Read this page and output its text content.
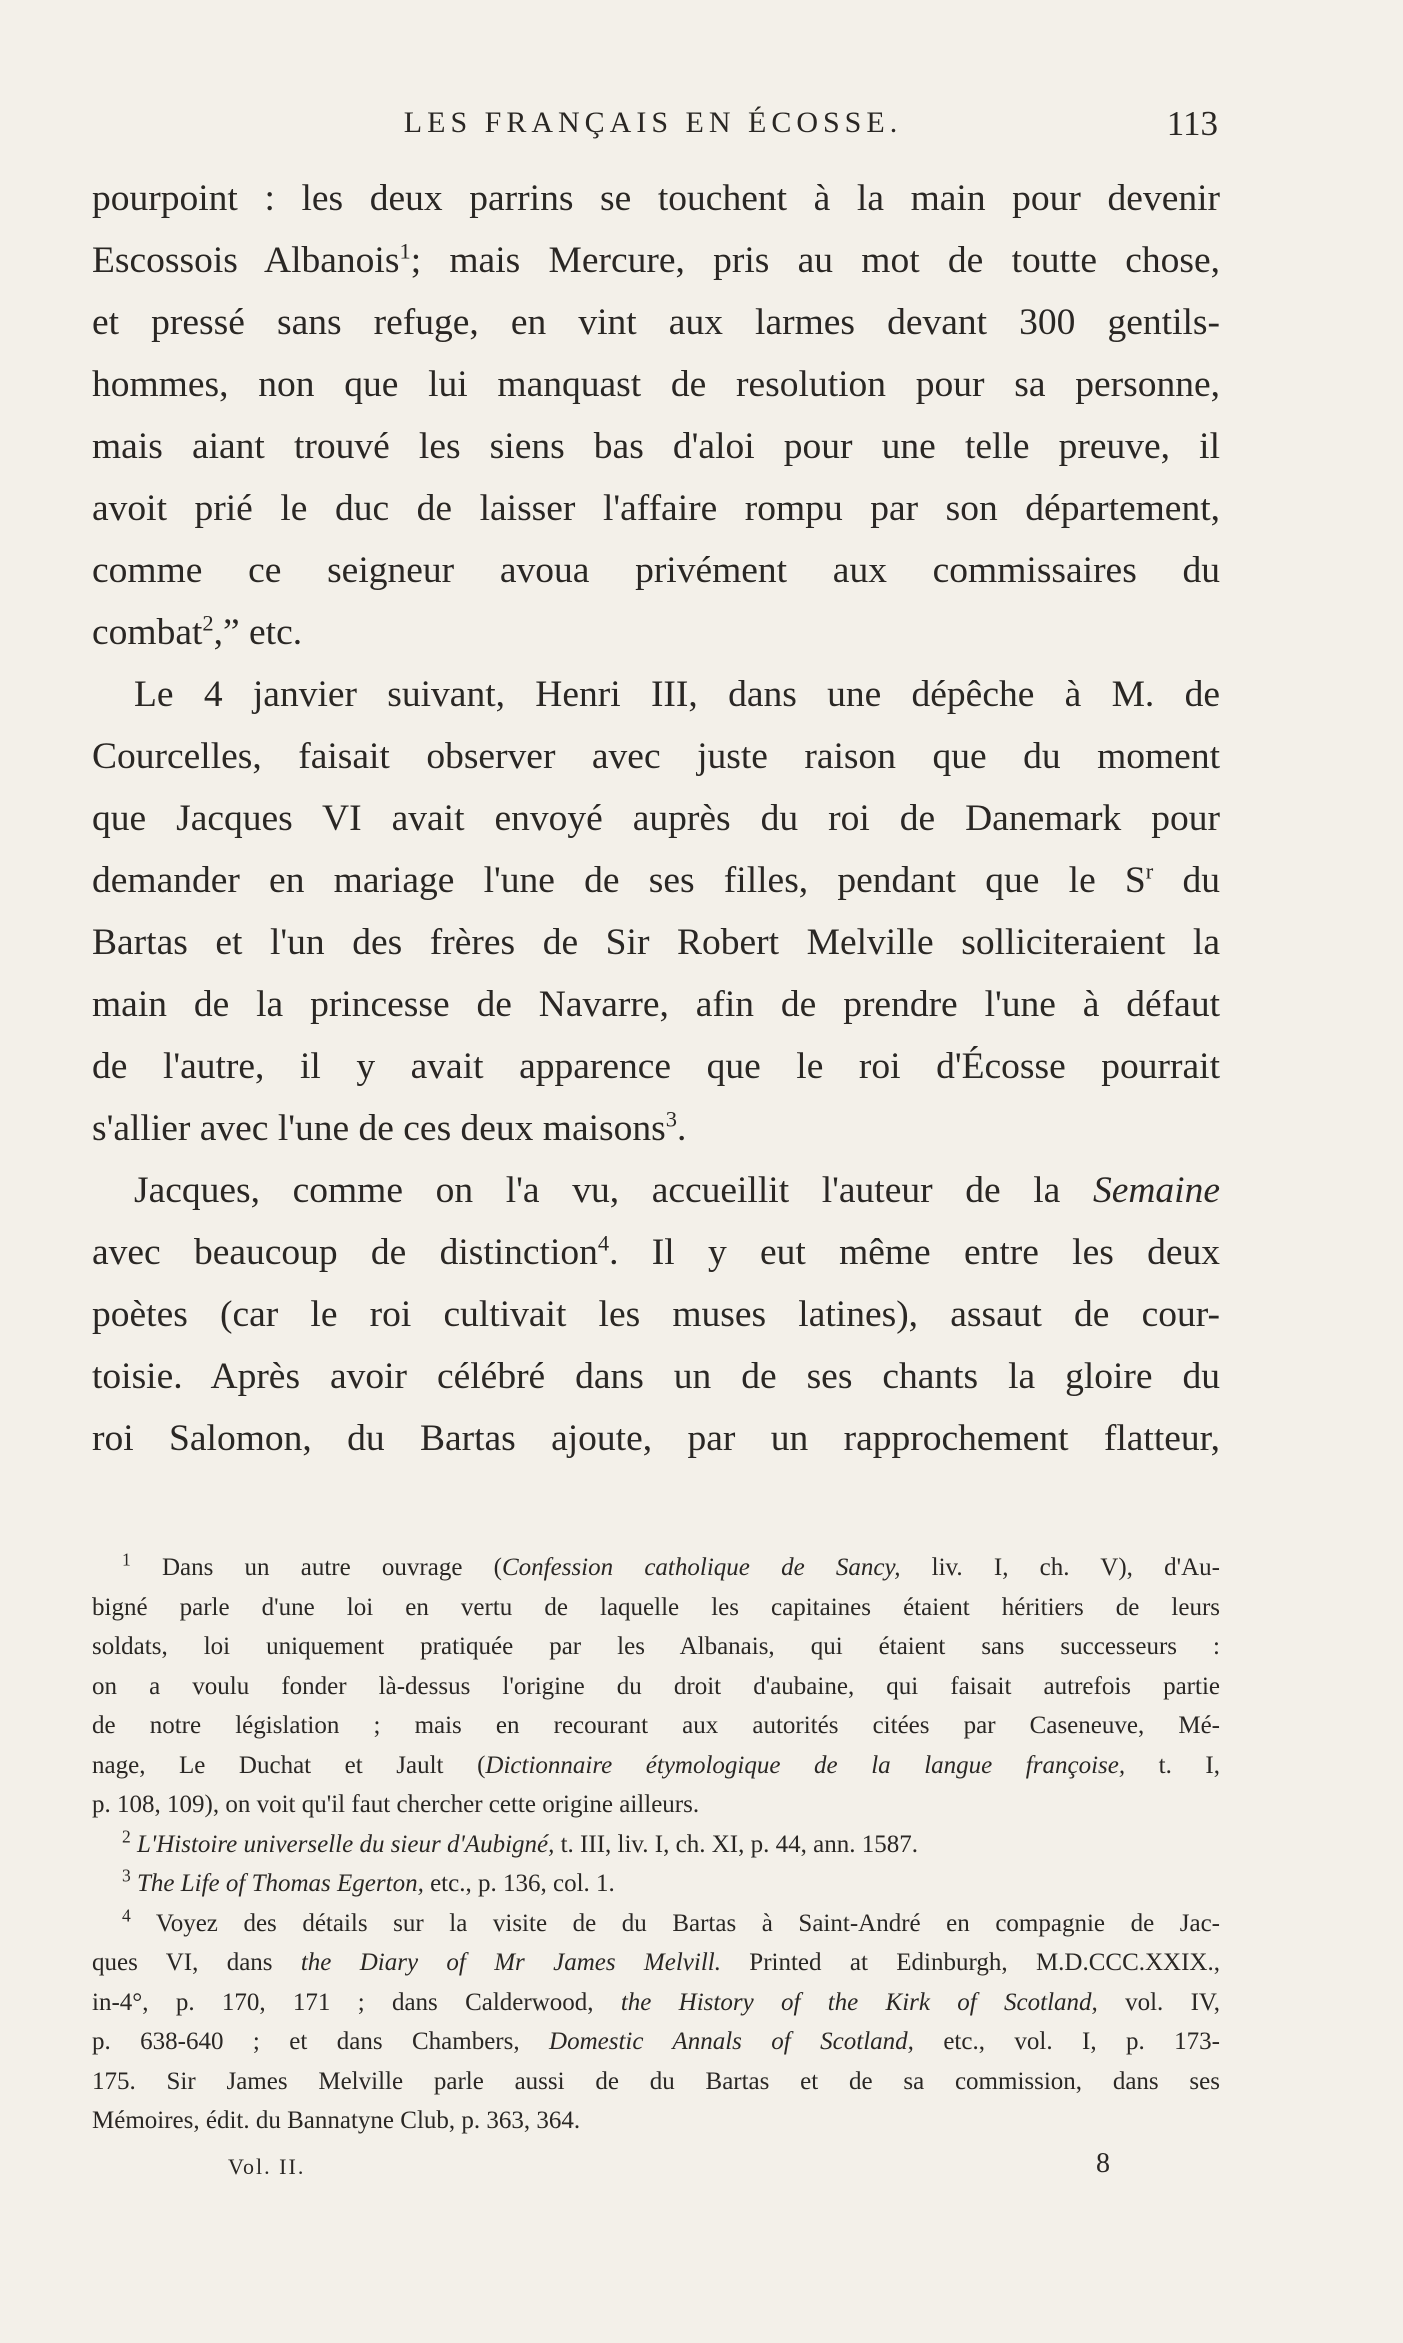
LES FRANÇAIS EN ÉCOSSE.	113
pourpoint : les deux parrins se touchent à la main pour devenir
Escossois Albanois$^1$; mais Mercure, pris au mot de toutte chose,
et pressé sans refuge, en vint aux larmes devant 300 gentils-
hommes, non que lui manquast de resolution pour sa personne,
mais aiant trouvé les siens bas d'aloi pour une telle preuve, il
avoit prié le duc de laisser l'affaire rompu par son département,
comme ce seigneur avoua privément aux commissaires du
combat$^2$,” etc.
Le 4 janvier suivant, Henri III, dans une dépêche à M. de
Courcelles, faisait observer avec juste raison que du moment
que Jacques VI avait envoyé auprès du roi de Danemark pour
demander en mariage l'une de ses filles, pendant que le $S^r$ du
Bartas et l'un des frères de Sir Robert Melville solliciteraient la
main de la princesse de Navarre, afin de prendre l'une à défaut
de l'autre, il y avait apparence que le roi d'Écosse pourrait
s'allier avec l'une de ces deux maisons$^3$.
Jacques, comme on l'a vu, accueillit l'auteur de la Semaine
avec beaucoup de distinction$^4$. Il y eut même entre les deux
poètes (car le roi cultivait les muses latines), assaut de cour-
toisie. Après avoir célébré dans un de ses chants la gloire du
roi Salomon, du Bartas ajoute, par un rapprochement flatteur,
$^1$ Dans un autre ouvrage (Confession catholique de Sancy, liv. I, ch. V), d'Au-
bigné parle d'une loi en vertu de laquelle les capitaines étaient héritiers de leurs
soldats, loi uniquement pratiquée par les Albanais, qui étaient sans successeurs :
on a voulu fonder là-dessus l'origine du droit d'aubaine, qui faisait autrefois partie
de notre législation ; mais en recourant aux autorités citées par Caseneuve, Mé-
nage, Le Duchat et Jault (Dictionnaire étymologique de la langue françoise, t. I,
p. 108, 109), on voit qu'il faut chercher cette origine ailleurs.
$^2$ L'Histoire universelle du sieur d'Aubigné, t. III, liv. I, ch. XI, p. 44, ann. 1587.
$^3$ The Life of Thomas Egerton, etc., p. 136, col. 1.
$^4$ Voyez des détails sur la visite de du Bartas à Saint-André en compagnie de Jac-
ques VI, dans the Diary of Mr James Melvill. Printed at Edinburgh, M.D.CCC.XXIX.,
in-4°, p. 170, 171 ; dans Calderwood, the History of the Kirk of Scotland, vol. IV,
p. 638-640 ; et dans Chambers, Domestic Annals of Scotland, etc., vol. I, p. 173-
175. Sir James Melville parle aussi de du Bartas et de sa commission, dans ses
Mémoires, édit. du Bannatyne Club, p. 363, 364.
Vol. II.	8
